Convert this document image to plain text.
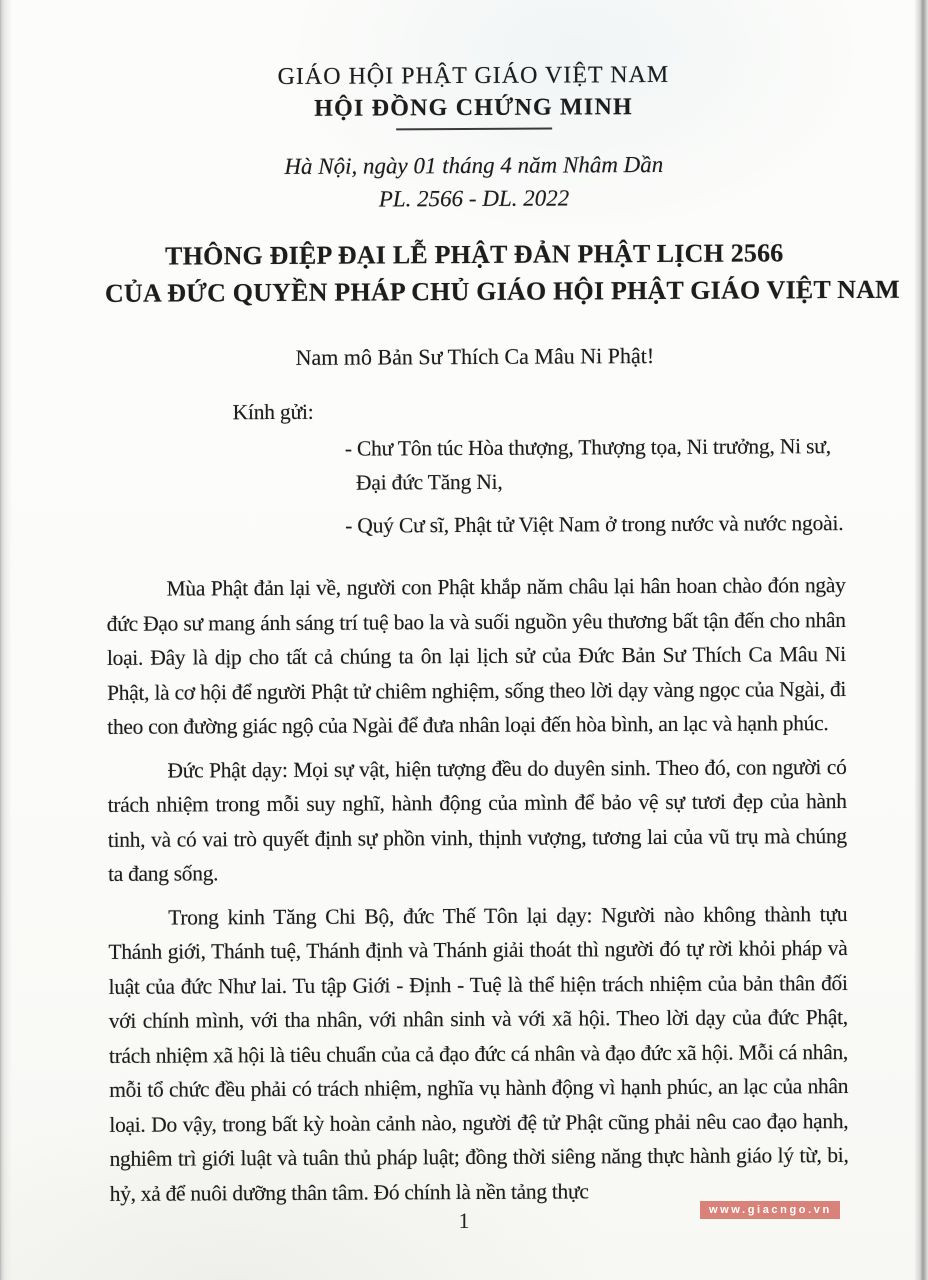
GIÁO HỘI PHẬT GIÁO VIỆT NAM
HỘI ĐỒNG CHỨNG MINH
Hà Nội, ngày 01 tháng 4 năm Nhâm Dần
PL. 2566 - DL. 2022
THÔNG ĐIỆP ĐẠI LỄ PHẬT ĐẢN PHẬT LỊCH 2566
CỦA ĐỨC QUYỀN PHÁP CHỦ GIÁO HỘI PHẬT GIÁO VIỆT NAM
Nam mô Bản Sư Thích Ca Mâu Ni Phật!
Kính gửi:
- Chư Tôn túc Hòa thượng, Thượng tọa, Ni trưởng, Ni sư, Đại đức Tăng Ni,
- Quý Cư sĩ, Phật tử Việt Nam ở trong nước và nước ngoài.

Mùa Phật đản lại về, người con Phật khắp năm châu lại hân hoan chào đón ngày đức Đạo sư mang ánh sáng trí tuệ bao la và suối nguồn yêu thương bất tận đến cho nhân loại. Đây là dịp cho tất cả chúng ta ôn lại lịch sử của Đức Bản Sư Thích Ca Mâu Ni Phật, là cơ hội để người Phật tử chiêm nghiệm, sống theo lời dạy vàng ngọc của Ngài, đi theo con đường giác ngộ của Ngài để đưa nhân loại đến hòa bình, an lạc và hạnh phúc.

Đức Phật dạy: Mọi sự vật, hiện tượng đều do duyên sinh. Theo đó, con người có trách nhiệm trong mỗi suy nghĩ, hành động của mình để bảo vệ sự tươi đẹp của hành tinh, và có vai trò quyết định sự phồn vinh, thịnh vượng, tương lai của vũ trụ mà chúng ta đang sống.

Trong kinh Tăng Chi Bộ, đức Thế Tôn lại dạy: Người nào không thành tựu Thánh giới, Thánh tuệ, Thánh định và Thánh giải thoát thì người đó tự rời khỏi pháp và luật của đức Như lai. Tu tập Giới - Định - Tuệ là thể hiện trách nhiệm của bản thân đối với chính mình, với tha nhân, với nhân sinh và với xã hội. Theo lời dạy của đức Phật, trách nhiệm xã hội là tiêu chuẩn của cả đạo đức cá nhân và đạo đức xã hội. Mỗi cá nhân, mỗi tổ chức đều phải có trách nhiệm, nghĩa vụ hành động vì hạnh phúc, an lạc của nhân loại. Do vậy, trong bất kỳ hoàn cảnh nào, người đệ tử Phật cũng phải nêu cao đạo hạnh, nghiêm trì giới luật và tuân thủ pháp luật; đồng thời siêng năng thực hành giáo lý từ, bi, hỷ, xả để nuôi dưỡng thân tâm. Đó chính là nền tảng thực

1	www.giacngo.vn
